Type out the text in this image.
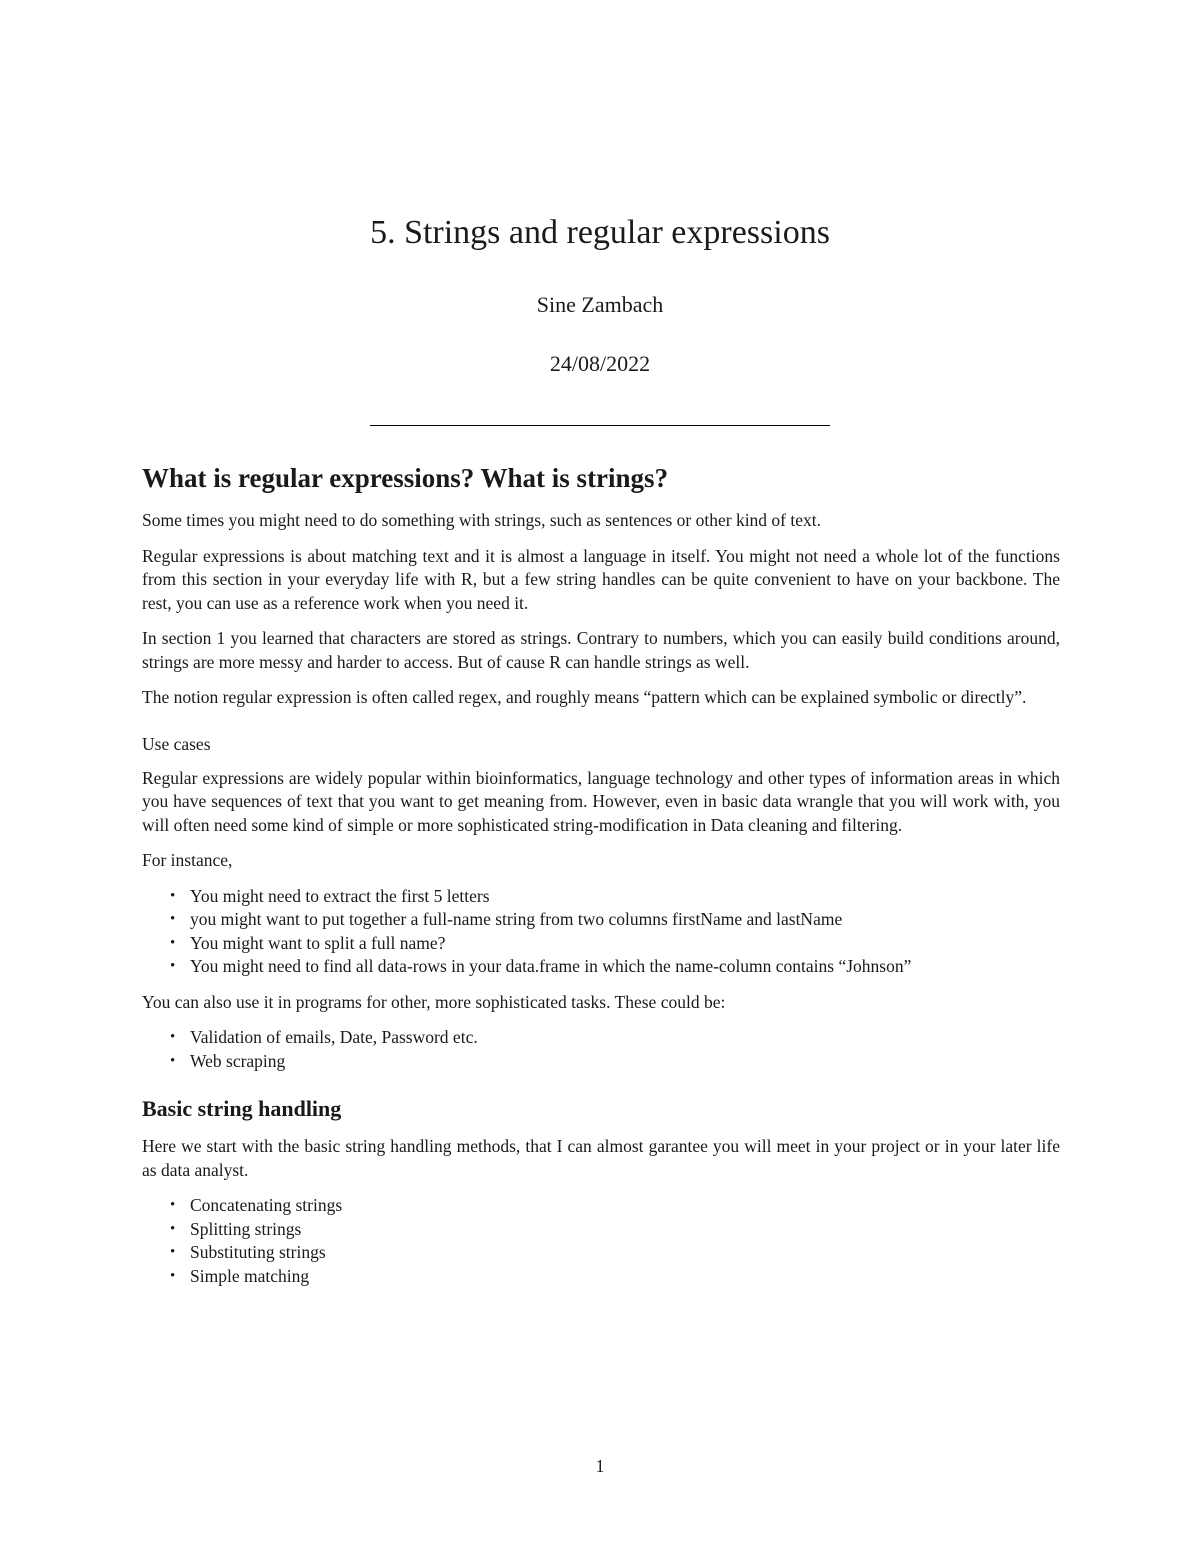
5. Strings and regular expressions
Sine Zambach
24/08/2022
What is regular expressions? What is strings?

Some times you might need to do something with strings, such as sentences or other kind of text.

Regular expressions is about matching text and it is almost a language in itself. You might not need a whole lot of the functions from this section in your everyday life with R, but a few string handles can be quite convenient to have on your backbone. The rest, you can use as a reference work when you need it.

In section 1 you learned that characters are stored as strings. Contrary to numbers, which you can easily build conditions around, strings are more messy and harder to access. But of cause R can handle strings as well.

The notion regular expression is often called regex, and roughly means “pattern which can be explained symbolic or directly”.

Use cases

Regular expressions are widely popular within bioinformatics, language technology and other types of information areas in which you have sequences of text that you want to get meaning from. However, even in basic data wrangle that you will work with, you will often need some kind of simple or more sophisticated string-modification in Data cleaning and filtering.

For instance,

• You might need to extract the first 5 letters
• you might want to put together a full-name string from two columns firstName and lastName
• You might want to split a full name?
• You might need to find all data-rows in your data.frame in which the name-column contains “Johnson”

You can also use it in programs for other, more sophisticated tasks. These could be:

• Validation of emails, Date, Password etc.
• Web scraping
Basic string handling

Here we start with the basic string handling methods, that I can almost garantee you will meet in your project or in your later life as data analyst.

• Concatenating strings
• Splitting strings
• Substituting strings
• Simple matching
1
